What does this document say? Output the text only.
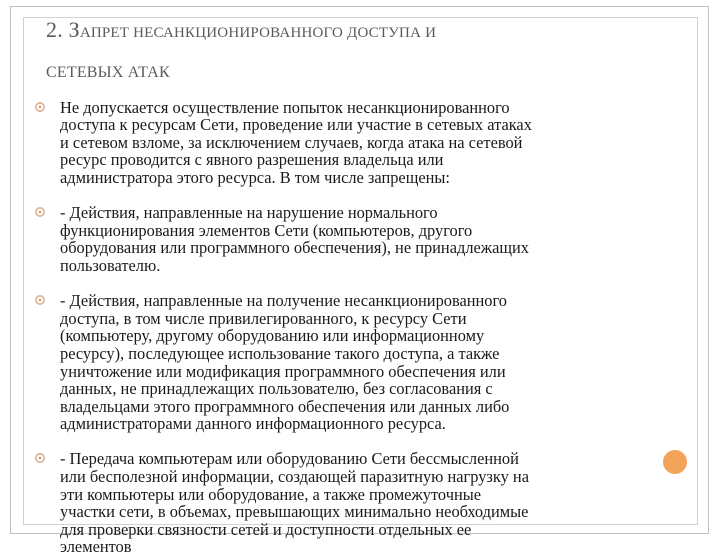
2. ЗАПРЕТ НЕСАНКЦИОНИРОВАННОГО ДОСТУПА И
СЕТЕВЫХ АТАК

Не допускается осуществление попыток несанкционированного
доступа к ресурсам Сети, проведение или участие в сетевых атаках
и сетевом взломе, за исключением случаев, когда атака на сетевой
ресурс проводится с явного разрешения владельца или
администратора этого ресурса. В том числе запрещены:

- Действия, направленные на нарушение нормального
функционирования элементов Сети (компьютеров, другого
оборудования или программного обеспечения), не принадлежащих
пользователю.

- Действия, направленные на получение несанкционированного
доступа, в том числе привилегированного, к ресурсу Сети
(компьютеру, другому оборудованию или информационному
ресурсу), последующее использование такого доступа, а также
уничтожение или модификация программного обеспечения или
данных, не принадлежащих пользователю, без согласования с
владельцами этого программного обеспечения или данных либо
администраторами данного информационного ресурса.

- Передача компьютерам или оборудованию Сети бессмысленной
или бесполезной информации, создающей паразитную нагрузку на
эти компьютеры или оборудование, а также промежуточные
участки сети, в объемах, превышающих минимально необходимые
для проверки связности сетей и доступности отдельных ее
элементов
